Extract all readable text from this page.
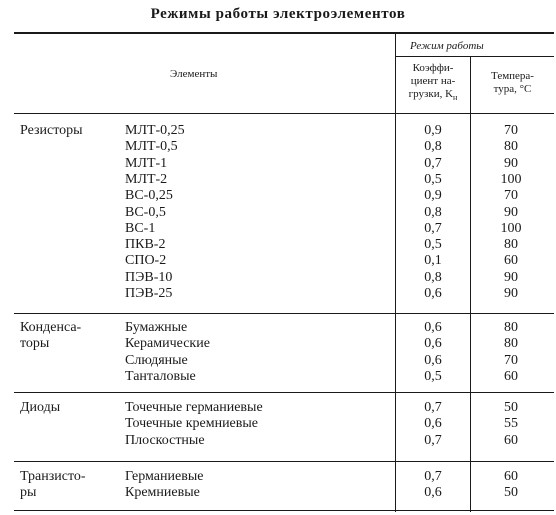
Режимы работы электроэлементов
Элементы
Режим работы
Коэффи-
циент на-
грузки, $K_н$
Темпера-
тура, °C
Резисторы	МЛТ-0,25	0,9	70
МЛТ-0,5	0,8	80
МЛТ-1	0,7	90
МЛТ-2	0,5	100
ВС-0,25	0,9	70
ВС-0,5	0,8	90
ВС-1	0,7	100
ПКВ-2	0,5	80
СПО-2	0,1	60
ПЭВ-10	0,8	90
ПЭВ-25	0,6	90
Конденса-
торы
Бумажные	0,6	80
Керамические	0,6	80
Слюдяные	0,6	70
Танталовые	0,5	60
Диоды	Точечные германиевые	0,7	50
Точечные кремниевые	0,6	55
Плоскостные	0,7	60
Транзисто-
ры
Германиевые	0,7	60
Кремниевые	0,6	50
